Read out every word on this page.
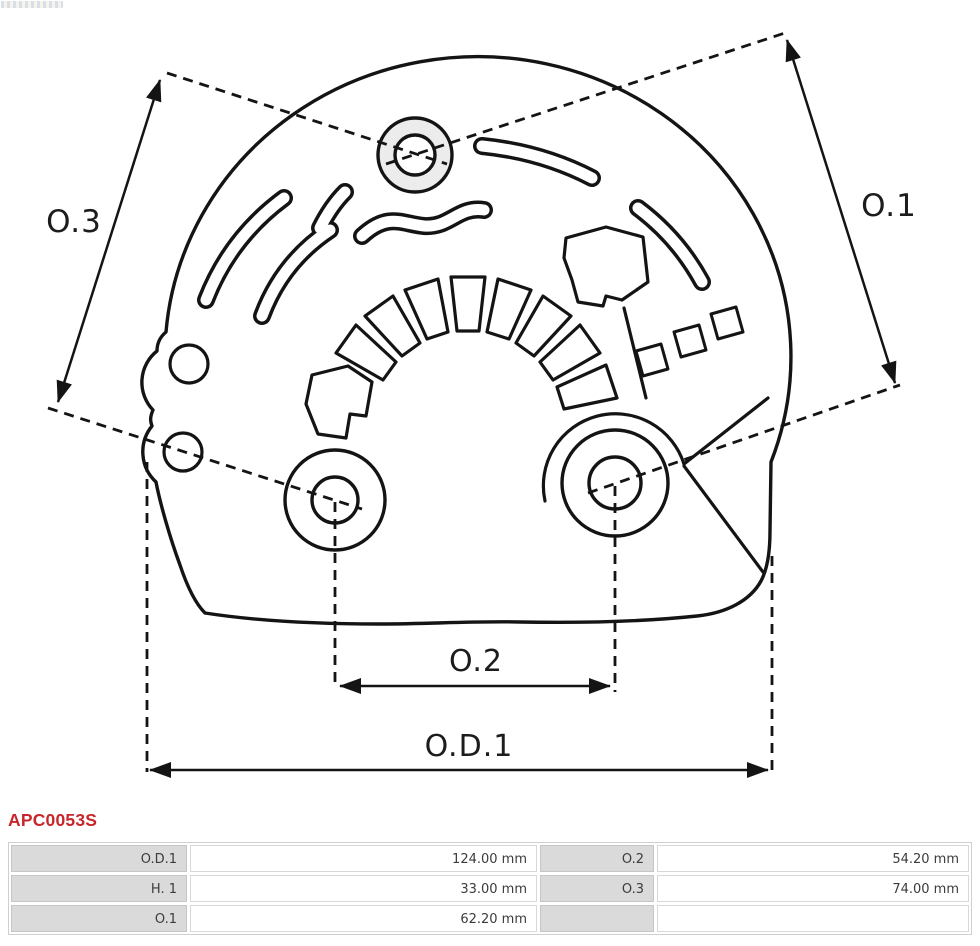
O.3	O.1
O.2
O.D.1
APC0053S
O.D.1	124.00 mm	O.2	54.20 mm
H. 1	33.00 mm	O.3	74.00 mm
O.1	62.20 mm
